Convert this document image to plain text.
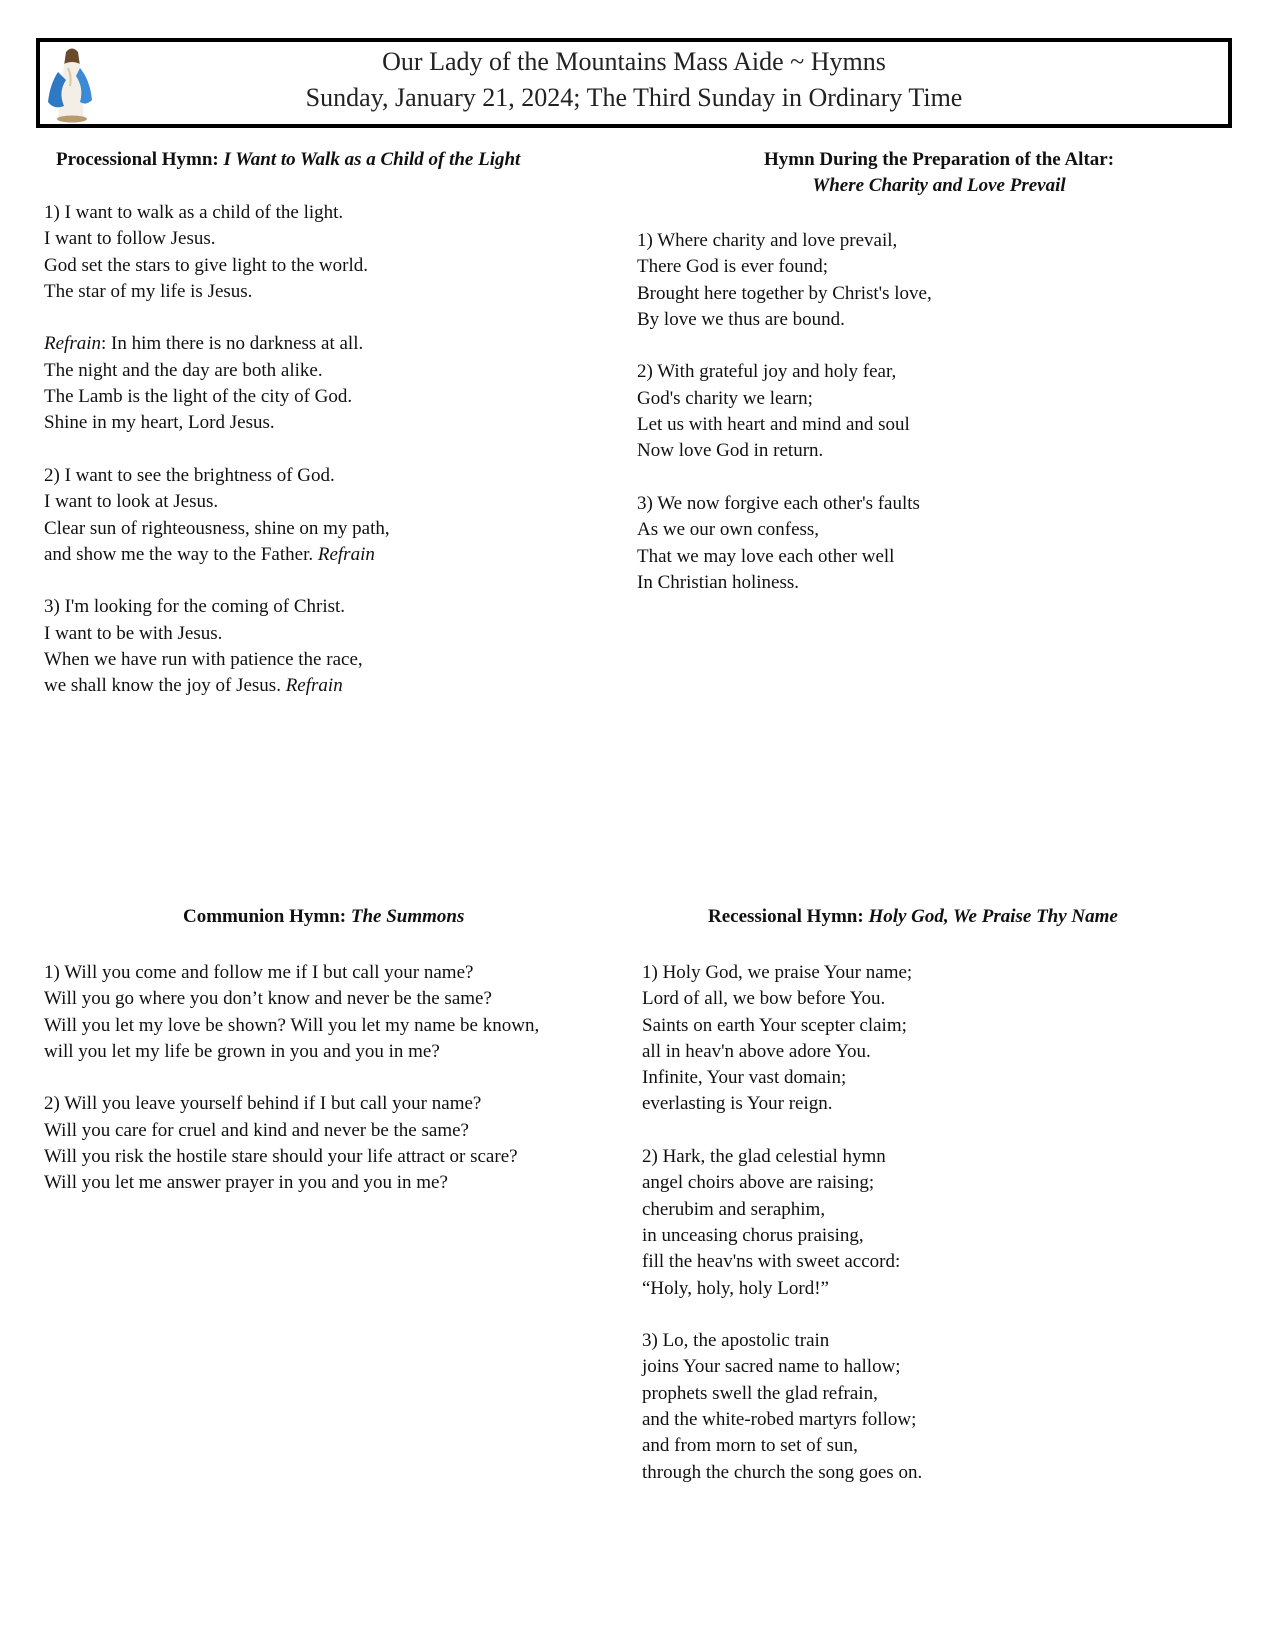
Our Lady of the Mountains Mass Aide ~ Hymns
Sunday, January 21, 2024; The Third Sunday in Ordinary Time
Processional Hymn: I Want to Walk as a Child of the Light
1) I want to walk as a child of the light.
I want to follow Jesus.
God set the stars to give light to the world.
The star of my life is Jesus.
Refrain: In him there is no darkness at all.
The night and the day are both alike.
The Lamb is the light of the city of God.
Shine in my heart, Lord Jesus.
2) I want to see the brightness of God.
I want to look at Jesus.
Clear sun of righteousness, shine on my path,
and show me the way to the Father. Refrain
3) I'm looking for the coming of Christ.
I want to be with Jesus.
When we have run with patience the race,
we shall know the joy of Jesus. Refrain
Hymn During the Preparation of the Altar:
Where Charity and Love Prevail
1) Where charity and love prevail,
There God is ever found;
Brought here together by Christ's love,
By love we thus are bound.
2) With grateful joy and holy fear,
God's charity we learn;
Let us with heart and mind and soul
Now love God in return.
3) We now forgive each other's faults
As we our own confess,
That we may love each other well
In Christian holiness.
Communion Hymn: The Summons
1) Will you come and follow me if I but call your name?
Will you go where you don’t know and never be the same?
Will you let my love be shown? Will you let my name be known,
will you let my life be grown in you and you in me?
2) Will you leave yourself behind if I but call your name?
Will you care for cruel and kind and never be the same?
Will you risk the hostile stare should your life attract or scare?
Will you let me answer prayer in you and you in me?
Recessional Hymn: Holy God, We Praise Thy Name
1) Holy God, we praise Your name;
Lord of all, we bow before You.
Saints on earth Your scepter claim;
all in heav'n above adore You.
Infinite, Your vast domain;
everlasting is Your reign.
2) Hark, the glad celestial hymn
angel choirs above are raising;
cherubim and seraphim,
in unceasing chorus praising,
fill the heav'ns with sweet accord:
“Holy, holy, holy Lord!”
3) Lo, the apostolic train
joins Your sacred name to hallow;
prophets swell the glad refrain,
and the white-robed martyrs follow;
and from morn to set of sun,
through the church the song goes on.
